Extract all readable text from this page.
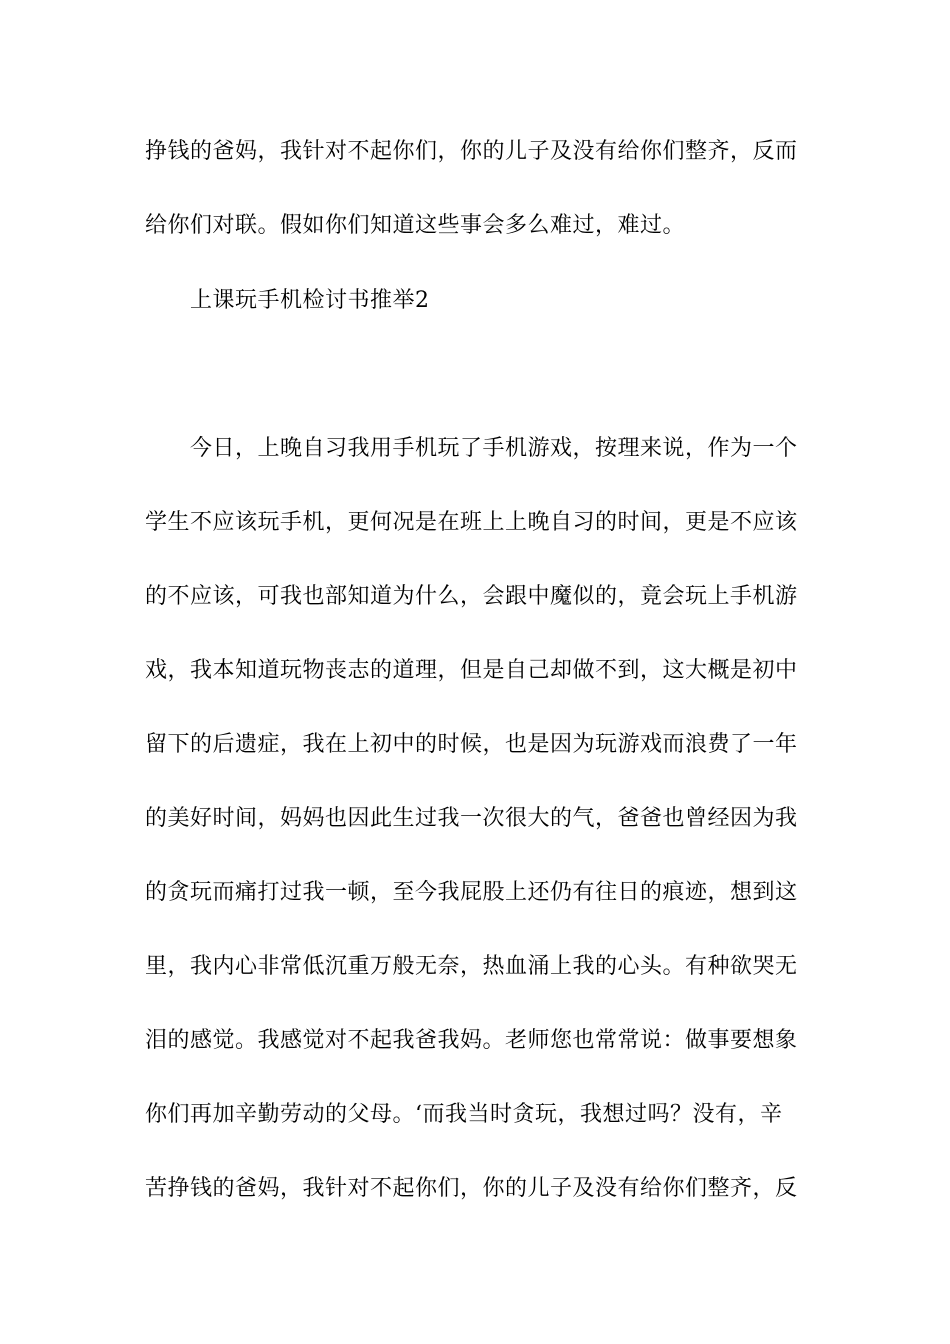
挣钱的爸妈，我针对不起你们，你的儿子及没有给你们整齐，反而
给你们对联。假如你们知道这些事会多么难过，难过。
上课玩手机检讨书推举2
今日，上晚自习我用手机玩了手机游戏，按理来说，作为一个
学生不应该玩手机，更何况是在班上上晚自习的时间，更是不应该
的不应该，可我也部知道为什么，会跟中魔似的，竟会玩上手机游
戏，我本知道玩物丧志的道理，但是自己却做不到，这大概是初中
留下的后遗症，我在上初中的时候，也是因为玩游戏而浪费了一年
的美好时间，妈妈也因此生过我一次很大的气，爸爸也曾经因为我
的贪玩而痛打过我一顿，至今我屁股上还仍有往日的痕迹，想到这
里，我内心非常低沉重万般无奈，热血涌上我的心头。有种欲哭无
泪的感觉。我感觉对不起我爸我妈。老师您也常常说：做事要想象
你们再加辛勤劳动的父母。‘而我当时贪玩，我想过吗？没有，辛
苦挣钱的爸妈，我针对不起你们，你的儿子及没有给你们整齐，反
